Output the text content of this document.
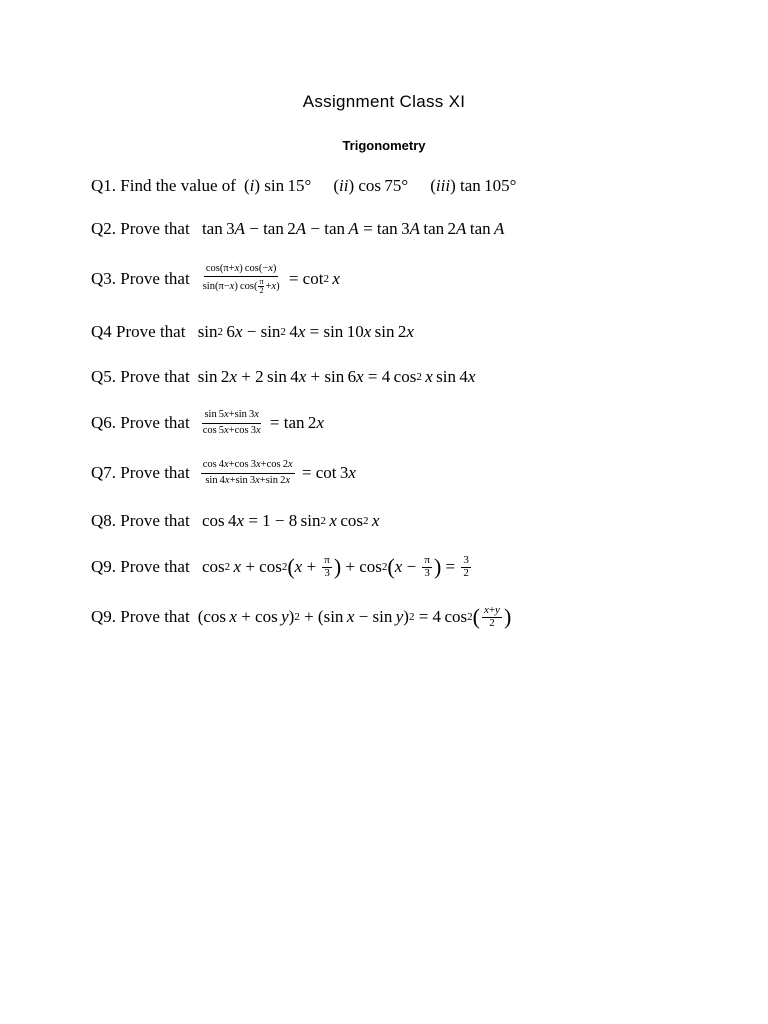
Assignment Class XI
Trigonometry
Q1. Find the value of ( i ) sin 15° ( ii ) cos 75° ( iii ) tan 105°
Q2. Prove that tan 3 A − tan 2 A − tan  A = tan 3 A  tan 2 A  tan  A
Q3. Prove that $\frac{\cos(\pi+x) \cos(-x)}{\sin(\pi-x) \cos( \frac{\pi}{2} +x)} = \cot 2$
  x
Q4 Prove that sin 2  6 x − sin 2  4 x = sin 10 x  sin 2 x
Q5. Prove that sin 2 x + 2 sin 4 x + sin 6 x = 4 cos 2
  x  sin 4 x
Q6. Prove that $\frac{\sin 5x+\sin 3x}{\cos 5x+\cos 3x} = \tan 2$ x
Q7. Prove that $\frac{\cos 4x+\cos 3x+\cos 2x}{\sin 4x+\sin 3x+\sin 2x} = \cot 3$ x
Q8. Prove that cos 4 x = 1 − 8 sin 2
  x  cos 2
  x
Q9. Prove that cos 2
  x + cos 2 ( x + π
3 ) + cos 2 ( x − π
3 ) = 3
2
Q9. Prove that (cos  x + cos  y ) 2 + (sin  x − sin  y ) 2 = 4 cos 2 ( x+y
2 )
